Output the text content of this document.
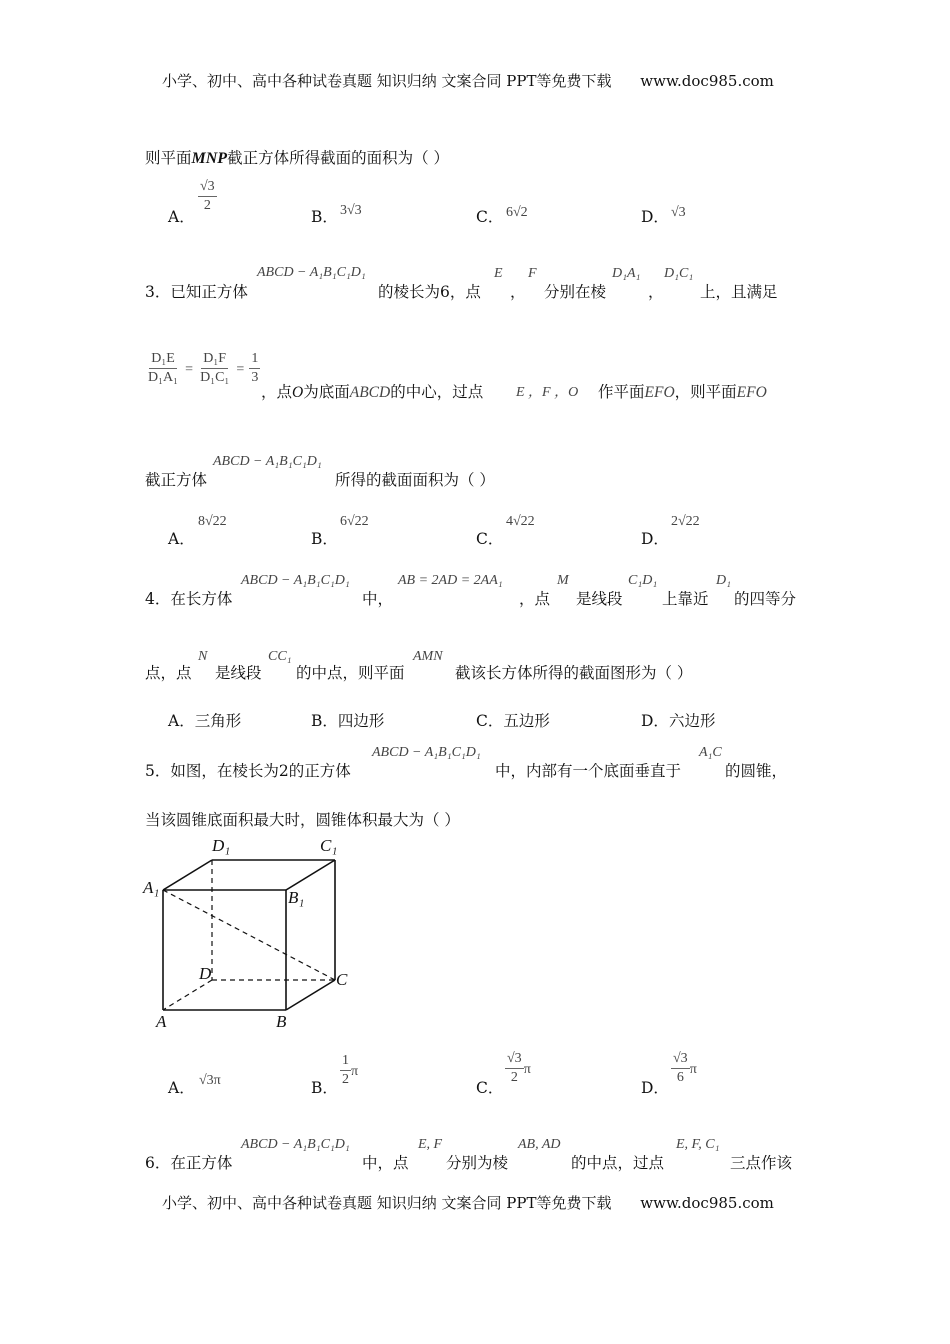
小学、初中、高中各种试卷真题 知识归纳 文案合同 PPT等免费下载 www.doc985.com
则平面MNP截正方体所得截面的面积为（ ）
A．
$\frac{√3}{2}$
B． 3√3	C． 6√2	D． √3
3．已知正方体
ABCD − A₁B₁C₁D₁
的棱长为6，点
E
，
F
分别在棱
D₁A₁
，
D₁C₁
上，且满足
$\frac{\text{D₁E}}{\text{D₁A₁}} = \frac{\text{D₁F}}{\text{D₁C₁}} = \frac{1}{3}$
，点O为底面ABCD的中心，过点 E ，F ，O 作平面EFO，则平面EFO
截正方体
ABCD − A₁B₁C₁D₁
所得的截面面积为（ ）
A．
8√22
B．
6√22
C．
4√22
D．
2√22
4．在长方体
ABCD − A₁B₁C₁D₁
中，
AB = 2AD = 2AA₁
，点
M
是线段
C₁D₁
上靠近
D₁
的四等分
点，点
N
是线段
CC₁
的中点，则平面
AMN
截该长方体所得的截面图形为（ ）
A．三角形	B．四边形	C．五边形	D．六边形
5．如图，在棱长为2的正方体
ABCD − A₁B₁C₁D₁
中，内部有一个底面垂直于
A₁C
的圆锥，
当该圆锥底面积最大时，圆锥体积最大为（ ）
D₁	C₁
A₁
B₁
D	C
A	B
A． √3π	B． $\frac{1}{2}$ π
C．
$\frac{√3}{2}$ π
D．
$\frac{√3}{6}$ π
6．在正方体
ABCD − A₁B₁C₁D₁
中，点
E, F
分别为棱
AB, AD
的中点，过点
E, F, C₁
三点作该
小学、初中、高中各种试卷真题 知识归纳 文案合同 PPT等免费下载 www.doc985.com
